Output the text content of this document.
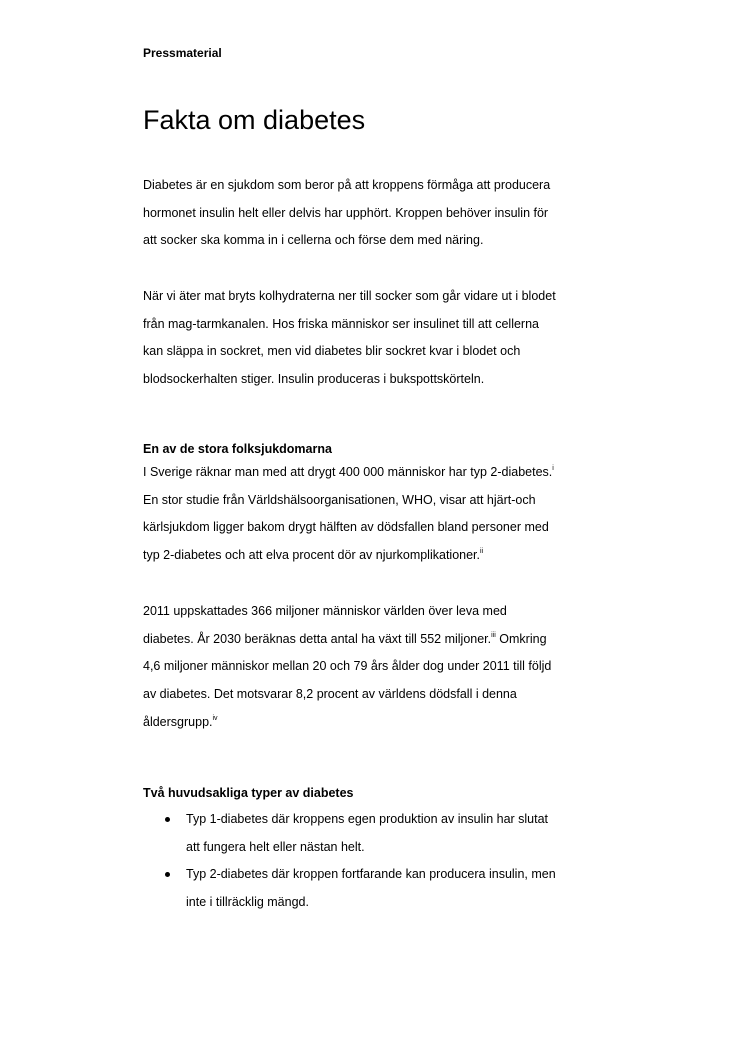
Pressmaterial
Fakta om diabetes

Diabetes är en sjukdom som beror på att kroppens förmåga att producera
hormonet insulin helt eller delvis har upphört. Kroppen behöver insulin för
att socker ska komma in i cellerna och förse dem med näring.

När vi äter mat bryts kolhydraterna ner till socker som går vidare ut i blodet
från mag-tarmkanalen. Hos friska människor ser insulinet till att cellerna
kan släppa in sockret, men vid diabetes blir sockret kvar i blodet och
blodsockerhalten stiger. Insulin produceras i bukspottskörteln.

En av de stora folksjukdomarna

I Sverige räknar man med att drygt 400 000 människor har typ 2-diabetes.$^i$
En stor studie från Världshälsoorganisationen, WHO, visar att hjärt-och
kärlsjukdom ligger bakom drygt hälften av dödsfallen bland personer med
typ 2-diabetes och att elva procent dör av njurkomplikationer.$^{ii}$

2011 uppskattades 366 miljoner människor världen över leva med
diabetes. År 2030 beräknas detta antal ha växt till 552 miljoner.$^{iii}$ Omkring
4,6 miljoner människor mellan 20 och 79 års ålder dog under 2011 till följd
av diabetes. Det motsvarar 8,2 procent av världens dödsfall i denna
åldersgrupp.$^{iv}$

Två huvudsakliga typer av diabetes
Typ 1-diabetes där kroppens egen produktion av insulin har slutat
att fungera helt eller nästan helt.
Typ 2-diabetes där kroppen fortfarande kan producera insulin, men
inte i tillräcklig mängd.
